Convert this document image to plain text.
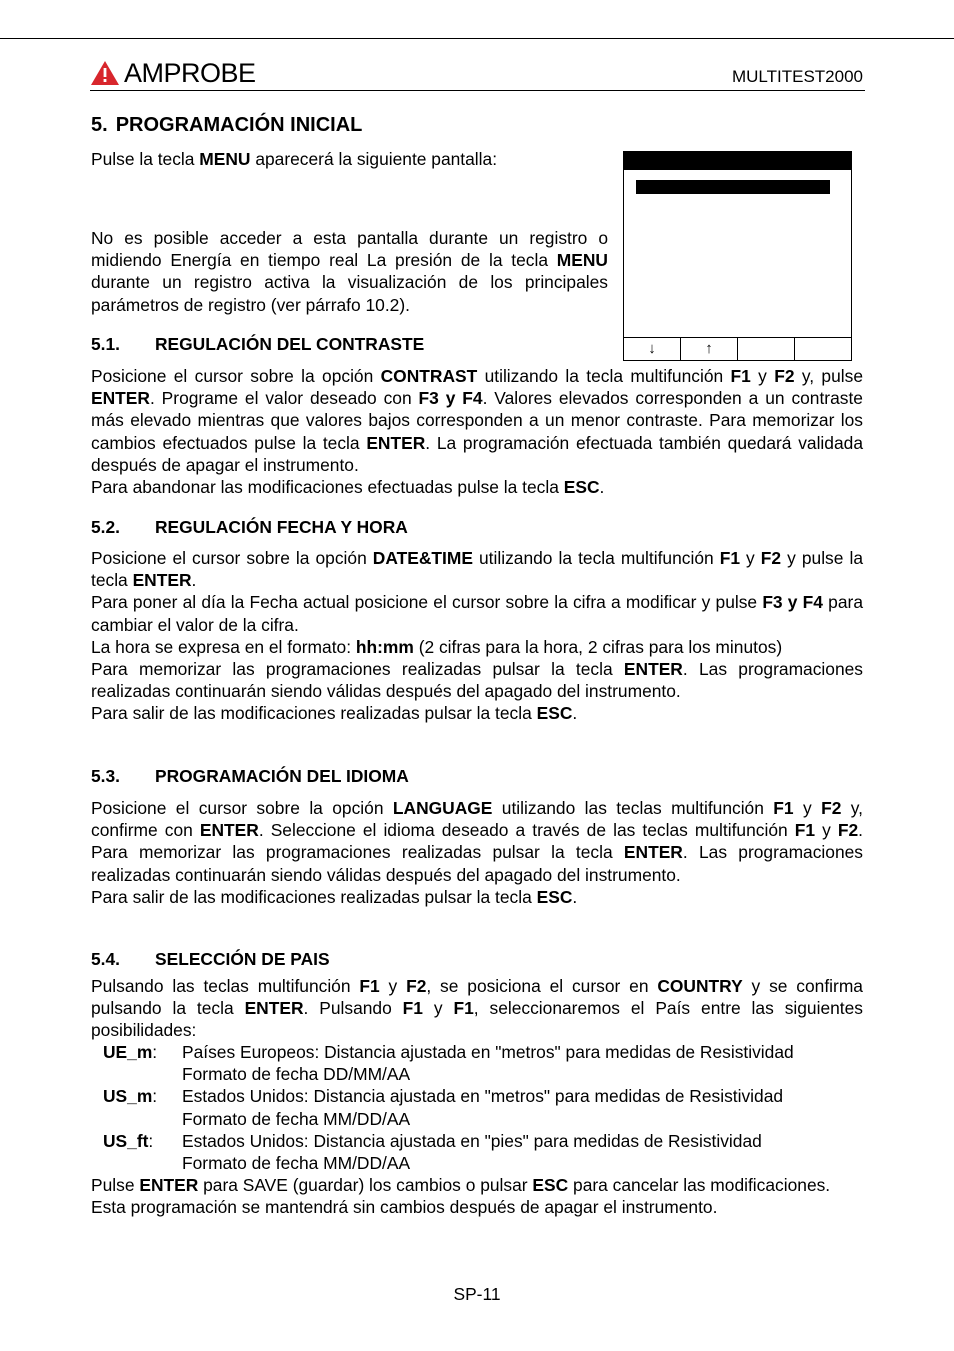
AMPROBE	MULTITEST2000
5. PROGRAMACIÓN INICIAL

Pulse la tecla MENU aparecerá la siguiente pantalla:

No es posible acceder a esta pantalla durante un registro o midiendo Energía en tiempo real La presión de la tecla MENU durante un registro activa la visualización de los principales parámetros de registro (ver párrafo 10.2).

↓	↑
5.1. REGULACIÓN DEL CONTRASTE

Posicione el cursor sobre la opción CONTRAST utilizando la tecla multifunción F1 y F2 y, pulse ENTER. Programe el valor deseado con F3 y F4. Valores elevados corresponden a un contraste más elevado mientras que valores bajos corresponden a un menor contraste. Para memorizar los cambios efectuados pulse la tecla ENTER. La programación efectuada también quedará validada después de apagar el instrumento.

Para abandonar las modificaciones efectuadas pulse la tecla ESC.

5.2. REGULACIÓN FECHA Y HORA

Posicione el cursor sobre la opción DATE&TIME utilizando la tecla multifunción F1 y F2 y pulse la tecla ENTER.

Para poner al día la Fecha actual posicione el cursor sobre la cifra a modificar y pulse F3 y F4 para cambiar el valor de la cifra.

La hora se expresa en el formato: hh:mm (2 cifras para la hora, 2 cifras para los minutos)

Para memorizar las programaciones realizadas pulsar la tecla ENTER. Las programaciones realizadas continuarán siendo válidas después del apagado del instrumento.

Para salir de las modificaciones realizadas pulsar la tecla ESC.

5.3. PROGRAMACIÓN DEL IDIOMA

Posicione el cursor sobre la opción LANGUAGE utilizando las teclas multifunción F1 y F2 y, confirme con ENTER. Seleccione el idioma deseado a través de las teclas multifunción F1 y F2. Para memorizar las programaciones realizadas pulsar la tecla ENTER. Las programaciones realizadas continuarán siendo válidas después del apagado del instrumento.

Para salir de las modificaciones realizadas pulsar la tecla ESC.

5.4. SELECCIÓN DE PAIS

Pulsando las teclas multifunción F1 y F2, se posiciona el cursor en COUNTRY y se confirma pulsando la tecla ENTER. Pulsando F1 y F1, seleccionaremos el País entre las siguientes posibilidades:

UE_m:	Países Europeos: Distancia ajustada en "metros" para medidas de Resistividad
Formato de fecha DD/MM/AA
US_m:	Estados Unidos: Distancia ajustada en "metros" para medidas de Resistividad
Formato de fecha MM/DD/AA
US_ft:	Estados Unidos: Distancia ajustada en "pies" para medidas de Resistividad
Formato de fecha MM/DD/AA

Pulse ENTER para SAVE (guardar) los cambios o pulsar ESC para cancelar las modificaciones.

Esta programación se mantendrá sin cambios después de apagar el instrumento.

SP-11
